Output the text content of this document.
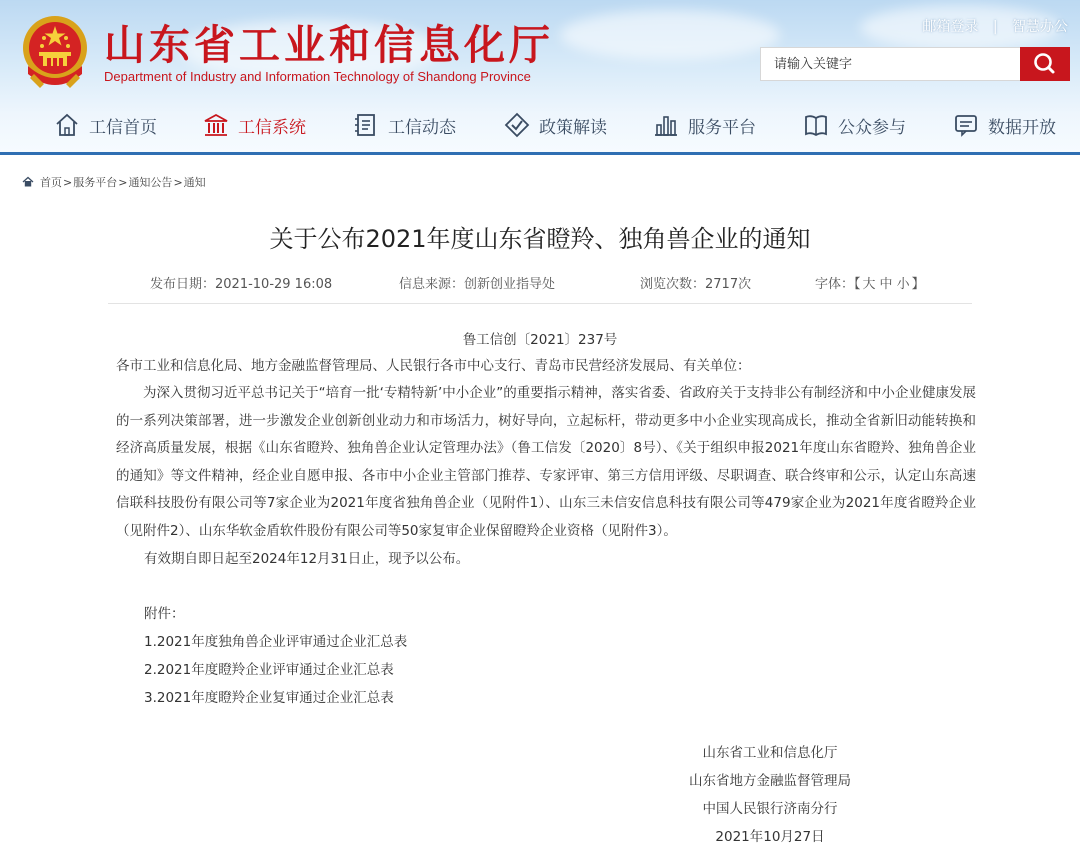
山东省工业和信息化厅
Department of Industry and Information Technology of Shandong Province
邮箱登录 | 智慧办公
请输入关键字
工信首页	工信系统	工信动态	政策解读	服务平台	公众参与	数据开放
首页 > 服务平台 > 通知公告 > 通知
关于公布2021年度山东省瞪羚、独角兽企业的通知
发布日期：2021-10-29 16:08	信息来源：创新创业指导处	浏览次数：2717次	字体：【 大 中 小 】
鲁工信创〔2021〕237号
各市工业和信息化局、地方金融监督管理局、人民银行各市中心支行、青岛市民营经济发展局、有关单位：
为深入贯彻习近平总书记关于“培育一批‘专精特新’中小企业”的重要指示精神，落实省委、省政府关于支持非公有制经济和中小企业健康发展的一系列决策部署，进一步激发企业创新创业动力和市场活力，树好导向，立起标杆，带动更多中小企业实现高成长，推动全省新旧动能转换和经济高质量发展，根据《山东省瞪羚、独角兽企业认定管理办法》（鲁工信发〔2020〕8号）、《关于组织申报2021年度山东省瞪羚、独角兽企业的通知》等文件精神，经企业自愿申报、各市中小企业主管部门推荐、专家评审、第三方信用评级、尽职调查、联合终审和公示，认定山东高速信联科技股份有限公司等7家企业为2021年度省独角兽企业（见附件1）、山东三未信安信息科技有限公司等479家企业为2021年度省瞪羚企业（见附件2）、山东华软金盾软件股份有限公司等50家复审企业保留瞪羚企业资格（见附件3）。
有效期自即日起至2024年12月31日止，现予以公布。
附件：
1.2021年度独角兽企业评审通过企业汇总表
2.2021年度瞪羚企业评审通过企业汇总表
3.2021年度瞪羚企业复审通过企业汇总表
山东省工业和信息化厅
山东省地方金融监督管理局
中国人民银行济南分行
2021年10月27日
